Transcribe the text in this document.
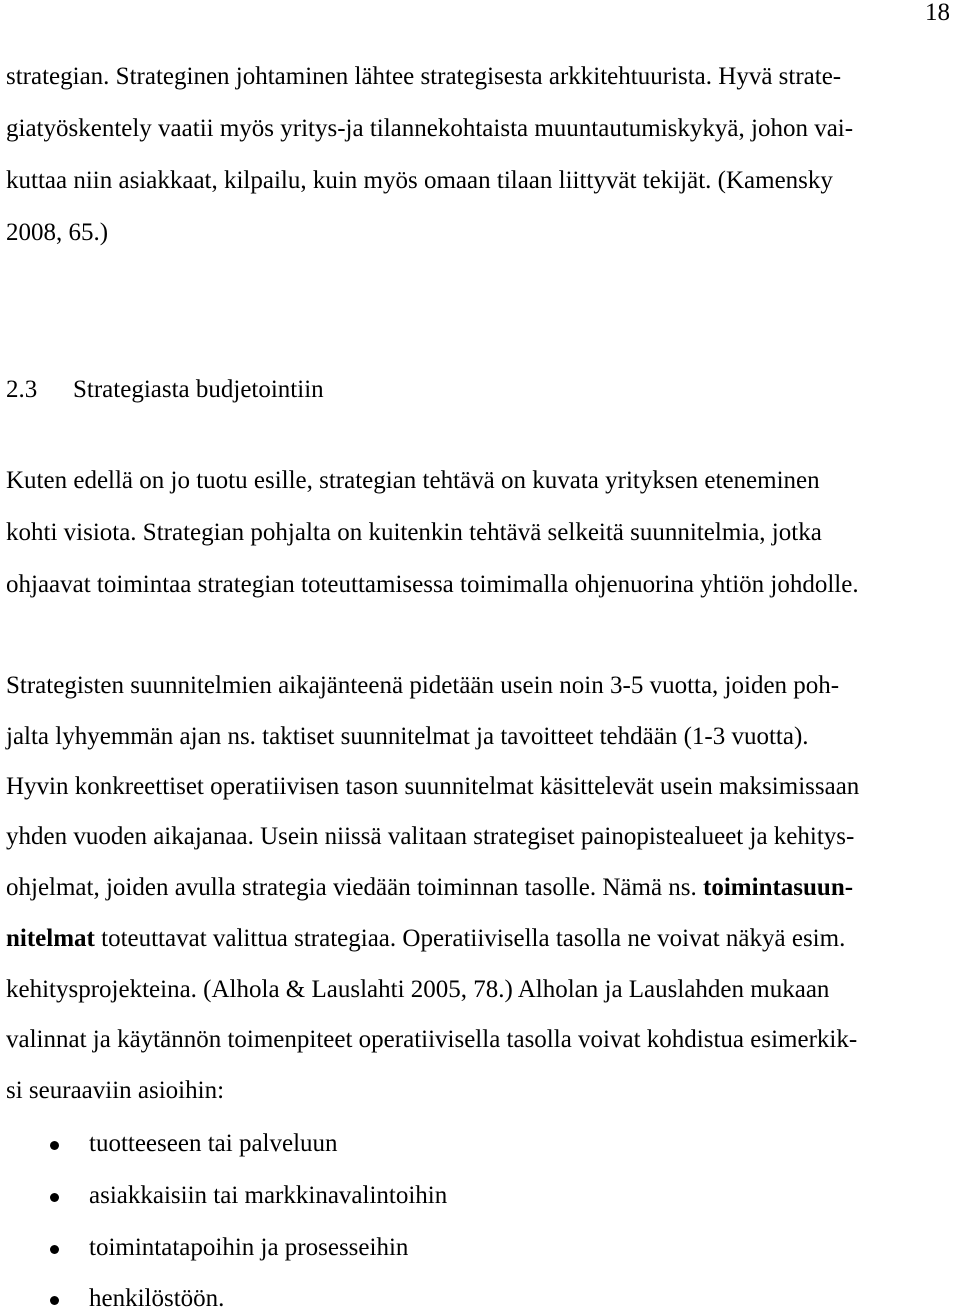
18
strategian. Strateginen johtaminen lähtee strategisesta arkkitehtuurista. Hyvä strate-
giatyöskentely vaatii myös yritys-ja tilannekohtaista muuntautumiskykyä, johon vai-
kuttaa niin asiakkaat, kilpailu, kuin myös omaan tilaan liittyvät tekijät. (Kamensky
2008, 65.)
2.3 Strategiasta budjetointiin
Kuten edellä on jo tuotu esille, strategian tehtävä on kuvata yrityksen eteneminen
kohti visiota. Strategian pohjalta on kuitenkin tehtävä selkeitä suunnitelmia, jotka
ohjaavat toimintaa strategian toteuttamisessa toimimalla ohjenuorina yhtiön johdolle.
Strategisten suunnitelmien aikajänteenä pidetään usein noin 3-5 vuotta, joiden poh-
jalta lyhyemmän ajan ns. taktiset suunnitelmat ja tavoitteet tehdään (1-3 vuotta).
Hyvin konkreettiset operatiivisen tason suunnitelmat käsittelevät usein maksimissaan
yhden vuoden aikajanaa. Usein niissä valitaan strategiset painopistealueet ja kehitys-
ohjelmat, joiden avulla strategia viedään toiminnan tasolle. Nämä ns. toimintasuun-
nitelmat toteuttavat valittua strategiaa. Operatiivisella tasolla ne voivat näkyä esim.
kehitysprojekteina. (Alhola & Lauslahti 2005, 78.) Alholan ja Lauslahden mukaan
valinnat ja käytännön toimenpiteet operatiivisella tasolla voivat kohdistua esimerkik-
si seuraaviin asioihin:
tuotteeseen tai palveluun
asiakkaisiin tai markkinavalintoihin
toimintatapoihin ja prosesseihin
henkilöstöön.
